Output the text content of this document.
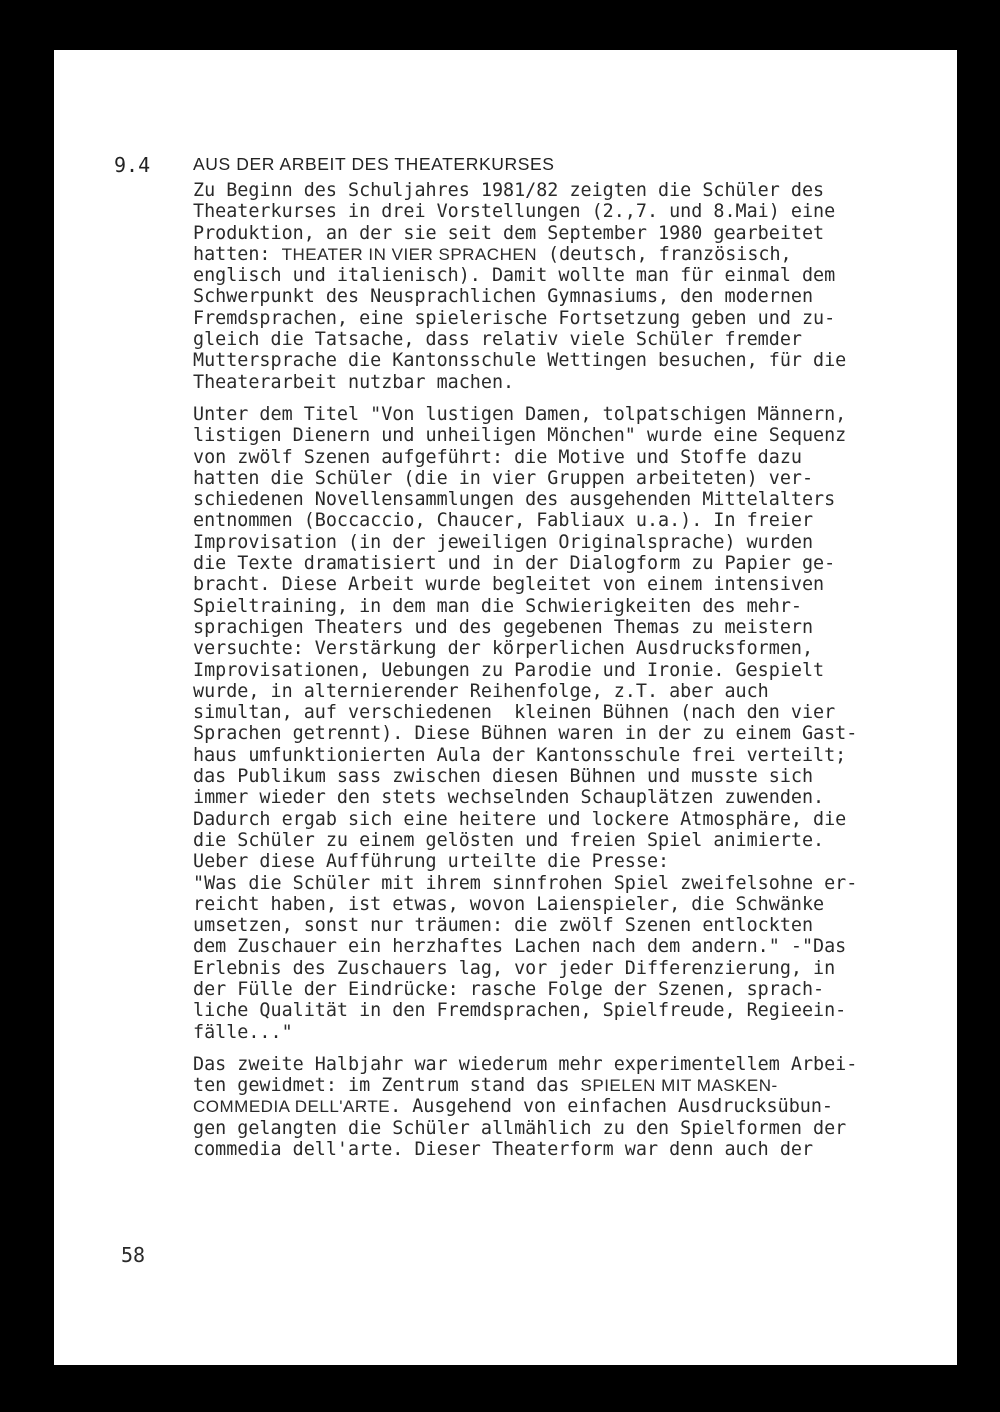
9.4 AUS DER ARBEIT DES THEATERKURSES
Zu Beginn des Schuljahres 1981/82 zeigten die Schüler des
Theaterkurses in drei Vorstellungen (2.,7. und 8.Mai) eine
Produktion, an der sie seit dem September 1980 gearbeitet
hatten: THEATER IN VIER SPRACHEN (deutsch, französisch,
englisch und italienisch). Damit wollte man für einmal dem
Schwerpunkt des Neusprachlichen Gymnasiums, den modernen
Fremdsprachen, eine spielerische Fortsetzung geben und zu-
gleich die Tatsache, dass relativ viele Schüler fremder
Muttersprache die Kantonsschule Wettingen besuchen, für die
Theaterarbeit nutzbar machen.
Unter dem Titel "Von lustigen Damen, tolpatschigen Männern,
listigen Dienern und unheiligen Mönchen" wurde eine Sequenz
von zwölf Szenen aufgeführt: die Motive und Stoffe dazu
hatten die Schüler (die in vier Gruppen arbeiteten) ver-
schiedenen Novellensammlungen des ausgehenden Mittelalters
entnommen (Boccaccio, Chaucer, Fabliaux u.a.). In freier
Improvisation (in der jeweiligen Originalsprache) wurden
die Texte dramatisiert und in der Dialogform zu Papier ge-
bracht. Diese Arbeit wurde begleitet von einem intensiven
Spieltraining, in dem man die Schwierigkeiten des mehr-
sprachigen Theaters und des gegebenen Themas zu meistern
versuchte: Verstärkung der körperlichen Ausdrucksformen,
Improvisationen, Uebungen zu Parodie und Ironie. Gespielt
wurde, in alternierender Reihenfolge, z.T. aber auch
simultan, auf verschiedenen  kleinen Bühnen (nach den vier
Sprachen getrennt). Diese Bühnen waren in der zu einem Gast-
haus umfunktionierten Aula der Kantonsschule frei verteilt;
das Publikum sass zwischen diesen Bühnen und musste sich
immer wieder den stets wechselnden Schauplätzen zuwenden.
Dadurch ergab sich eine heitere und lockere Atmosphäre, die
die Schüler zu einem gelösten und freien Spiel animierte.
Ueber diese Aufführung urteilte die Presse:
"Was die Schüler mit ihrem sinnfrohen Spiel zweifelsohne er-
reicht haben, ist etwas, wovon Laienspieler, die Schwänke
umsetzen, sonst nur träumen: die zwölf Szenen entlockten
dem Zuschauer ein herzhaftes Lachen nach dem andern." -"Das
Erlebnis des Zuschauers lag, vor jeder Differenzierung, in
der Fülle der Eindrücke: rasche Folge der Szenen, sprach-
liche Qualität in den Fremdsprachen, Spielfreude, Regieein-
fälle..."
Das zweite Halbjahr war wiederum mehr experimentellem Arbei-
ten gewidmet: im Zentrum stand das SPIELEN MIT MASKEN-
COMMEDIA DELL'ARTE. Ausgehend von einfachen Ausdrucksübun-
gen gelangten die Schüler allmählich zu den Spielformen der
commedia dell'arte. Dieser Theaterform war denn auch der
58
